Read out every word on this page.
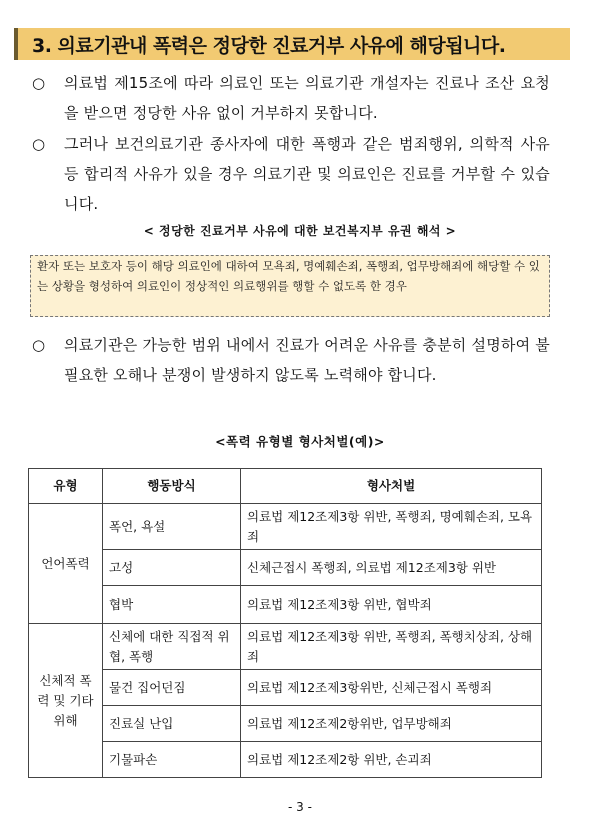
3. 의료기관내 폭력은 정당한 진료거부 사유에 해당됩니다.
○ 의료법 제15조에 따라 의료인 또는 의료기관 개설자는 진료나 조산 요청을 받으면 정당한 사유 없이 거부하지 못합니다.
○ 그러나 보건의료기관 종사자에 대한 폭행과 같은 범죄행위, 의학적 사유 등 합리적 사유가 있을 경우 의료기관 및 의료인은 진료를 거부할 수 있습니다.
< 정당한 진료거부 사유에 대한 보건복지부 유권 해석 >
환자 또는 보호자 등이 해당 의료인에 대하여 모욕죄, 명예훼손죄, 폭행죄, 업무방해죄에 해당할 수 있는 상황을 형성하여 의료인이 정상적인 의료행위를 행할 수 없도록 한 경우
○ 의료기관은 가능한 범위 내에서 진료가 어려운 사유를 충분히 설명하여 불필요한 오해나 분쟁이 발생하지 않도록 노력해야 합니다.
<폭력 유형별 형사처벌(예)>
유형	행동방식	형사처벌
언어폭력	폭언, 욕설	의료법 제12조제3항 위반, 폭행죄, 명예훼손죄, 모욕죄
	고성	신체근접시 폭행죄, 의료법 제12조제3항 위반
	협박	의료법 제12조제3항 위반, 협박죄
신체적 폭력 및 기타 위해	신체에 대한 직접적 위협, 폭행	의료법 제12조제3항 위반, 폭행죄, 폭행치상죄, 상해죄
	물건 집어던짐	의료법 제12조제3항위반, 신체근접시 폭행죄
	진료실 난입	의료법 제12조제2항위반, 업무방해죄
	기물파손	의료법 제12조제2항 위반, 손괴죄
- 3 -
